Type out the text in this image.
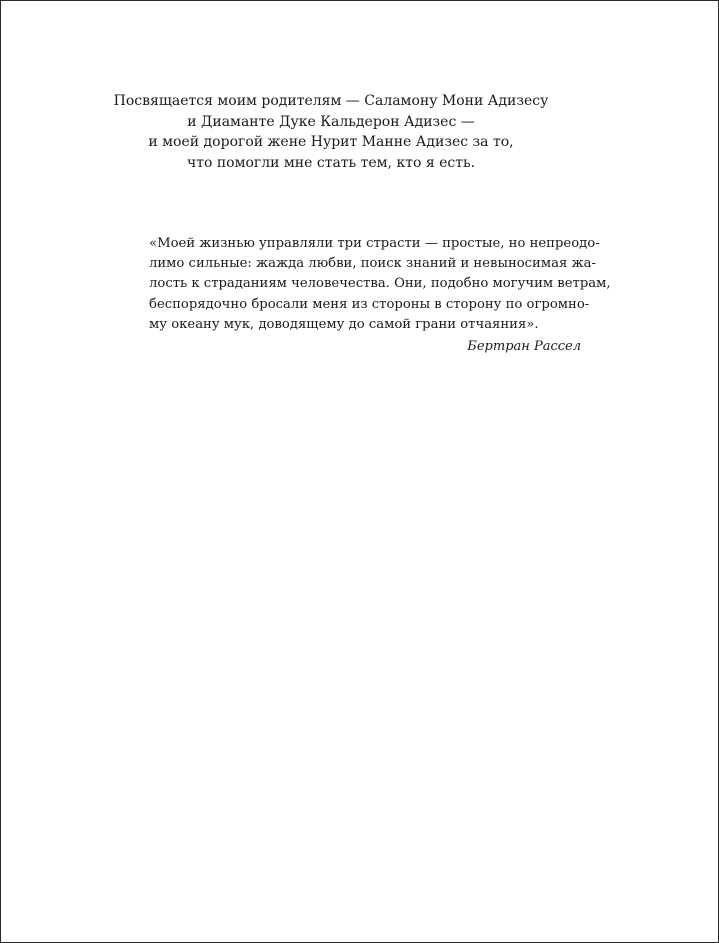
Посвящается моим родителям — Саламону Мони Адизесу
и Диаманте Дуке Кальдерон Адизес —
и моей дорогой жене Нурит Манне Адизес за то,
что помогли мне стать тем, кто я есть.
«Моей жизнью управляли три страсти — простые, но непреодо-
лимо сильные: жажда любви, поиск знаний и невыносимая жа-
лость к страданиям человечества. Они, подобно могучим ветрам,
беспорядочно бросали меня из стороны в сторону по огромно-
му океану мук, доводящему до самой грани отчаяния».
Бертран Рассел
